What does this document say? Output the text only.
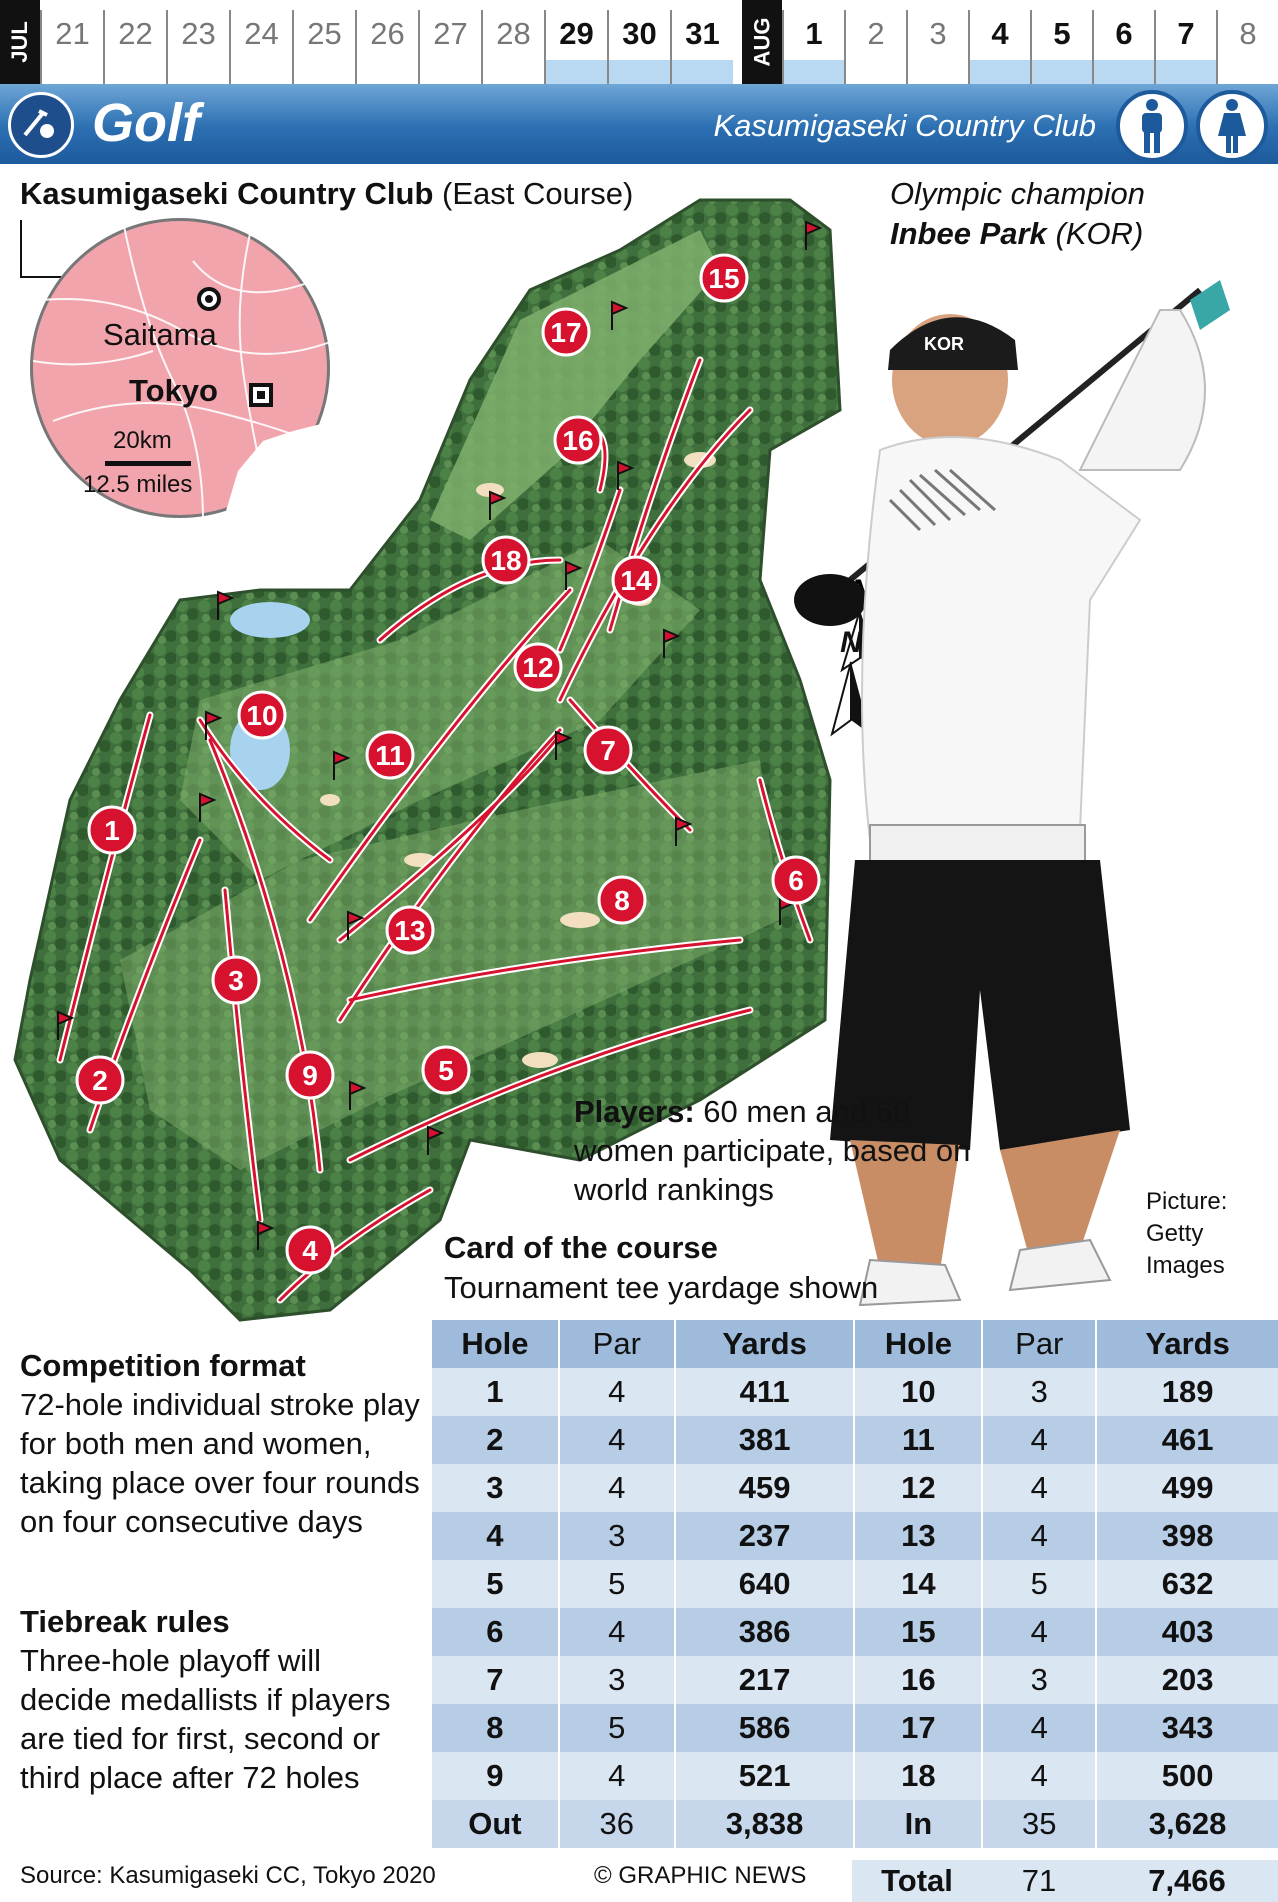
JUL	AUG
21 22 23 24 25 26 27 28 29 30 31	1	2	3	4	5	6	7	8
Golf	Kasumigaseki Country Club
1
2
3
4
5
6
7
8
9
10
11
12
13
14
15
16
17
18
N
Kasumigaseki Country Club (East Course)
Saitama
Tokyo
20km
12.5 miles
Olympic champion
Inbee Park (KOR)
KOR
Players: 60 men and 60 women participate, based on world rankings	Picture:
Getty
Images
Competition format

72-hole individual stroke play for both men and women, taking place over four rounds on four consecutive days

Tiebreak rules

Three-hole playoff will decide medallists if players are tied for first, second or third place after 72 holes

Card of the course
Tournament tee yardage shown
Hole	Par	Yards	Hole	Par	Yards
1	4	411	10	3	189
2	4	381	11	4	461
3	4	459	12	4	499
4	3	237	13	4	398
5	5	640	14	5	632
6	4	386	15	4	403
7	3	217	16	3	203
8	5	586	17	4	343
9	4	521	18	4	500
Out	36	3,838	In	35	3,628
Total	71	7,466
Source: Kasumigaseki CC, Tokyo 2020	© GRAPHIC NEWS
